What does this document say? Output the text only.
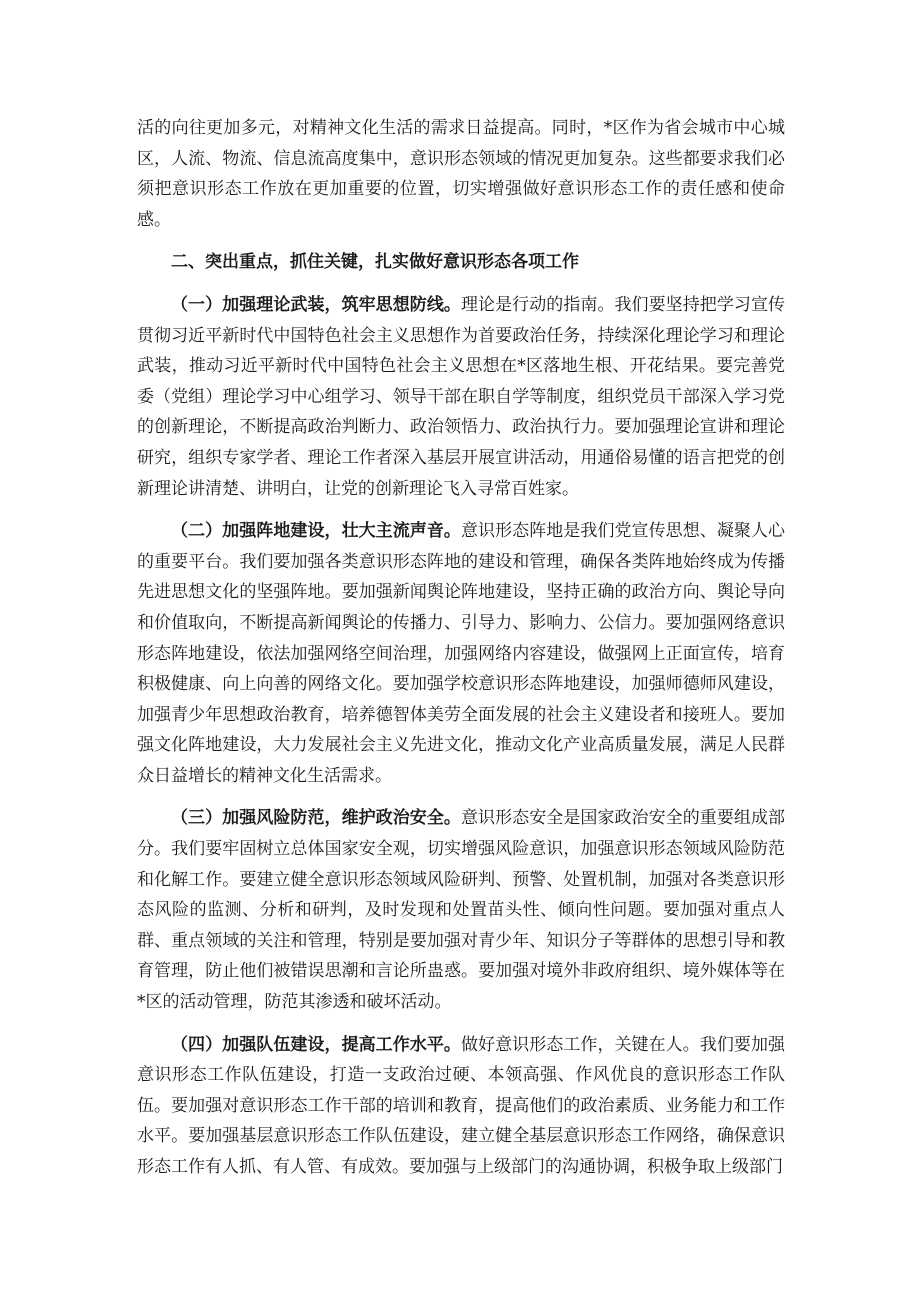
活的向往更加多元，对精神文化生活的需求日益提高。同时，*区作为省会城市中心城区，人流、物流、信息流高度集中，意识形态领域的情况更加复杂。这些都要求我们必须把意识形态工作放在更加重要的位置，切实增强做好意识形态工作的责任感和使命感。

二、突出重点，抓住关键，扎实做好意识形态各项工作

（一）加强理论武装，筑牢思想防线。理论是行动的指南。我们要坚持把学习宣传贯彻习近平新时代中国特色社会主义思想作为首要政治任务，持续深化理论学习和理论武装，推动习近平新时代中国特色社会主义思想在*区落地生根、开花结果。要完善党委（党组）理论学习中心组学习、领导干部在职自学等制度，组织党员干部深入学习党的创新理论，不断提高政治判断力、政治领悟力、政治执行力。要加强理论宣讲和理论研究，组织专家学者、理论工作者深入基层开展宣讲活动，用通俗易懂的语言把党的创新理论讲清楚、讲明白，让党的创新理论飞入寻常百姓家。

（二）加强阵地建设，壮大主流声音。意识形态阵地是我们党宣传思想、凝聚人心的重要平台。我们要加强各类意识形态阵地的建设和管理，确保各类阵地始终成为传播先进思想文化的坚强阵地。要加强新闻舆论阵地建设，坚持正确的政治方向、舆论导向和价值取向，不断提高新闻舆论的传播力、引导力、影响力、公信力。要加强网络意识形态阵地建设，依法加强网络空间治理，加强网络内容建设，做强网上正面宣传，培育积极健康、向上向善的网络文化。要加强学校意识形态阵地建设，加强师德师风建设，加强青少年思想政治教育，培养德智体美劳全面发展的社会主义建设者和接班人。要加强文化阵地建设，大力发展社会主义先进文化，推动文化产业高质量发展，满足人民群众日益增长的精神文化生活需求。

（三）加强风险防范，维护政治安全。意识形态安全是国家政治安全的重要组成部分。我们要牢固树立总体国家安全观，切实增强风险意识，加强意识形态领域风险防范和化解工作。要建立健全意识形态领域风险研判、预警、处置机制，加强对各类意识形态风险的监测、分析和研判，及时发现和处置苗头性、倾向性问题。要加强对重点人群、重点领域的关注和管理，特别是要加强对青少年、知识分子等群体的思想引导和教育管理，防止他们被错误思潮和言论所蛊惑。要加强对境外非政府组织、境外媒体等在*区的活动管理，防范其渗透和破坏活动。

（四）加强队伍建设，提高工作水平。做好意识形态工作，关键在人。我们要加强意识形态工作队伍建设，打造一支政治过硬、本领高强、作风优良的意识形态工作队伍。要加强对意识形态工作干部的培训和教育，提高他们的政治素质、业务能力和工作水平。要加强基层意识形态工作队伍建设，建立健全基层意识形态工作网络，确保意识形态工作有人抓、有人管、有成效。要加强与上级部门的沟通协调，积极争取上级部门
